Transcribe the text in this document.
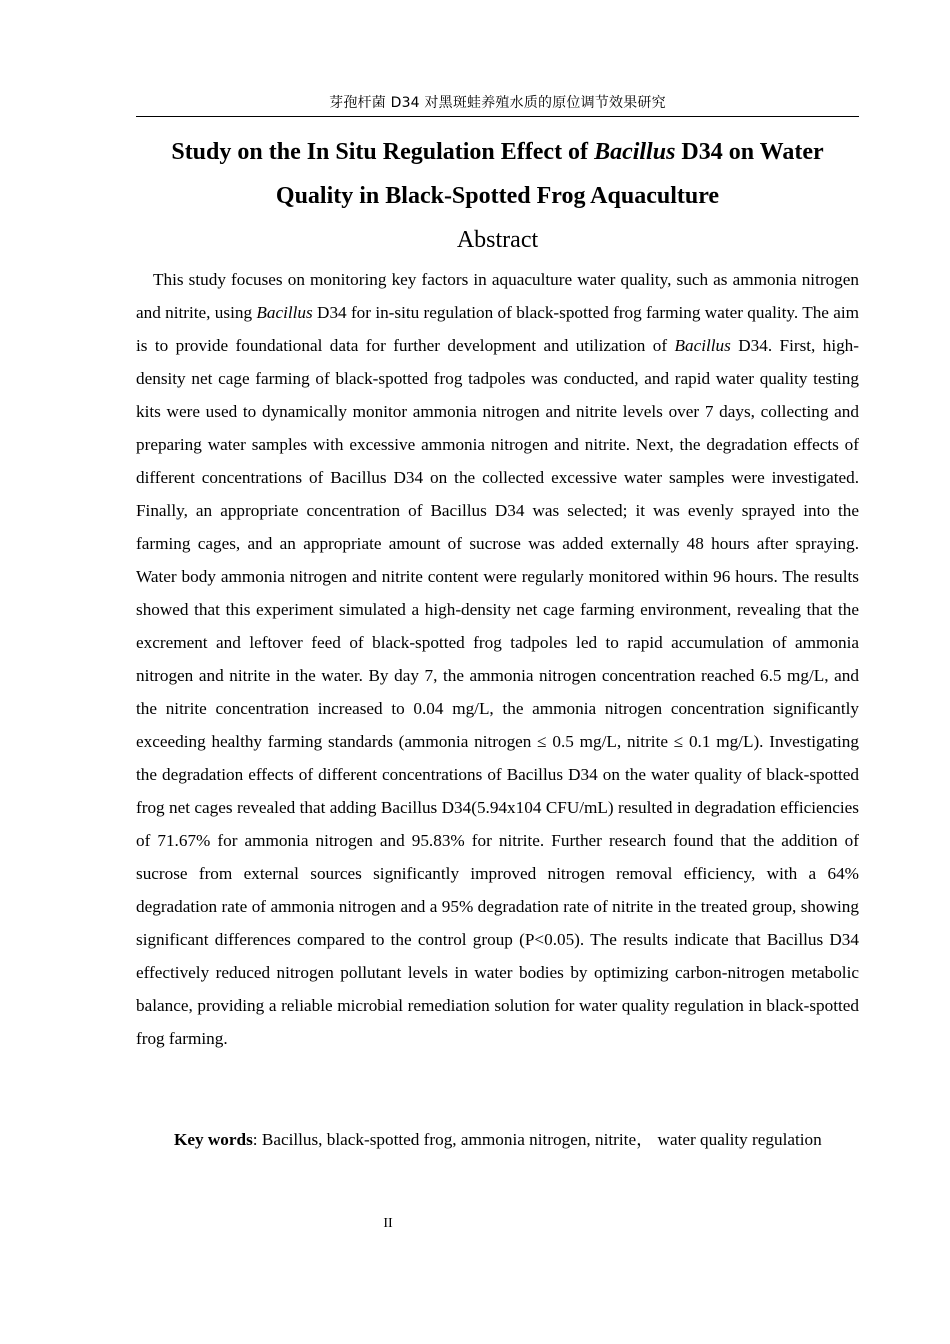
芽孢杆菌 D34 对黑斑蛙养殖水质的原位调节效果研究
Study on the In Situ Regulation Effect of Bacillus D34 on Water Quality in Black-Spotted Frog Aquaculture
Abstract

This study focuses on monitoring key factors in aquaculture water quality, such as ammonia nitrogen and nitrite, using Bacillus D34 for in-situ regulation of black-spotted frog farming water quality. The aim is to provide foundational data for further development and utilization of Bacillus D34. First, high-density net cage farming of black-spotted frog tadpoles was conducted, and rapid water quality testing kits were used to dynamically monitor ammonia nitrogen and nitrite levels over 7 days, collecting and preparing water samples with excessive ammonia nitrogen and nitrite. Next, the degradation effects of different concentrations of Bacillus D34 on the collected excessive water samples were investigated. Finally, an appropriate concentration of Bacillus D34 was selected; it was evenly sprayed into the farming cages, and an appropriate amount of sucrose was added externally 48 hours after spraying. Water body ammonia nitrogen and nitrite content were regularly monitored within 96 hours. The results showed that this experiment simulated a high-density net cage farming environment, revealing that the excrement and leftover feed of black-spotted frog tadpoles led to rapid accumulation of ammonia nitrogen and nitrite in the water. By day 7, the ammonia nitrogen concentration reached 6.5 mg/L, and the nitrite concentration increased to 0.04 mg/L, the ammonia nitrogen concentration significantly exceeding healthy farming standards (ammonia nitrogen ≤ 0.5 mg/L, nitrite ≤ 0.1 mg/L). Investigating the degradation effects of different concentrations of Bacillus D34 on the water quality of black-spotted frog net cages revealed that adding Bacillus D34(5.94x104 CFU/mL) resulted in degradation efficiencies of 71.67% for ammonia nitrogen and 95.83% for nitrite. Further research found that the addition of sucrose from external sources significantly improved nitrogen removal efficiency, with a 64% degradation rate of ammonia nitrogen and a 95% degradation rate of nitrite in the treated group, showing significant differences compared to the control group (P<0.05). The results indicate that Bacillus D34 effectively reduced nitrogen pollutant levels in water bodies by optimizing carbon-nitrogen metabolic balance, providing a reliable microbial remediation solution for water quality regulation in black-spotted frog farming.

Key words: Bacillus, black-spotted frog, ammonia nitrogen, nitrite， water quality regulation

II
